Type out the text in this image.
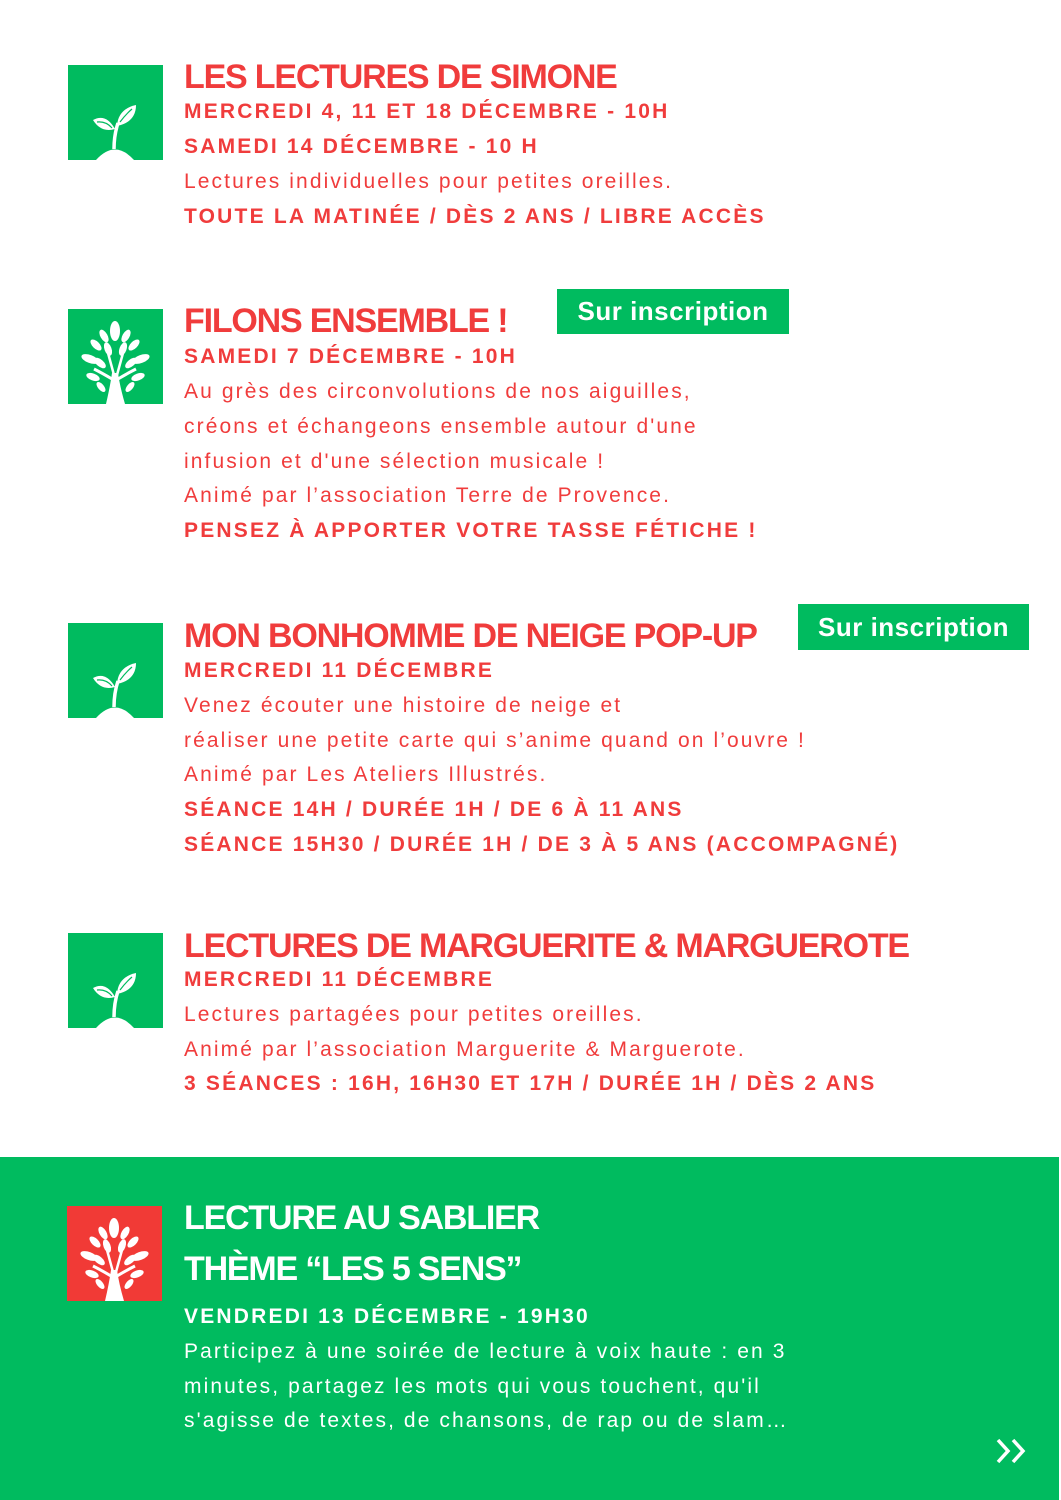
LES LECTURES DE SIMONE
MERCREDI 4, 11 ET 18 DÉCEMBRE - 10H
SAMEDI 14 DÉCEMBRE - 10 H
Lectures individuelles pour petites oreilles.
TOUTE LA MATINÉE / DÈS 2 ANS / LIBRE ACCÈS
FILONS ENSEMBLE !	Sur inscription
SAMEDI 7 DÉCEMBRE - 10H
Au grès des circonvolutions de nos aiguilles,
créons et échangeons ensemble autour d'une
infusion et d'une sélection musicale !
Animé par l’association Terre de Provence.
PENSEZ À APPORTER VOTRE TASSE FÉTICHE !
MON BONHOMME DE NEIGE POP-UP	Sur inscription
MERCREDI 11 DÉCEMBRE
Venez écouter une histoire de neige et
réaliser une petite carte qui s’anime quand on l’ouvre !
Animé par Les Ateliers Illustrés.
SÉANCE 14H / DURÉE 1H / DE 6 À 11 ANS
SÉANCE 15H30 / DURÉE 1H / DE 3 À 5 ANS (ACCOMPAGNÉ)
LECTURES DE MARGUERITE & MARGUEROTE
MERCREDI 11 DÉCEMBRE
Lectures partagées pour petites oreilles.
Animé par l’association Marguerite & Marguerote.
3 SÉANCES : 16H, 16H30 ET 17H / DURÉE 1H / DÈS 2 ANS
LECTURE AU SABLIER
THÈME “LES 5 SENS”
VENDREDI 13 DÉCEMBRE - 19H30
Participez à une soirée de lecture à voix haute : en 3
minutes, partagez les mots qui vous touchent, qu'il
s'agisse de textes, de chansons, de rap ou de slam…
